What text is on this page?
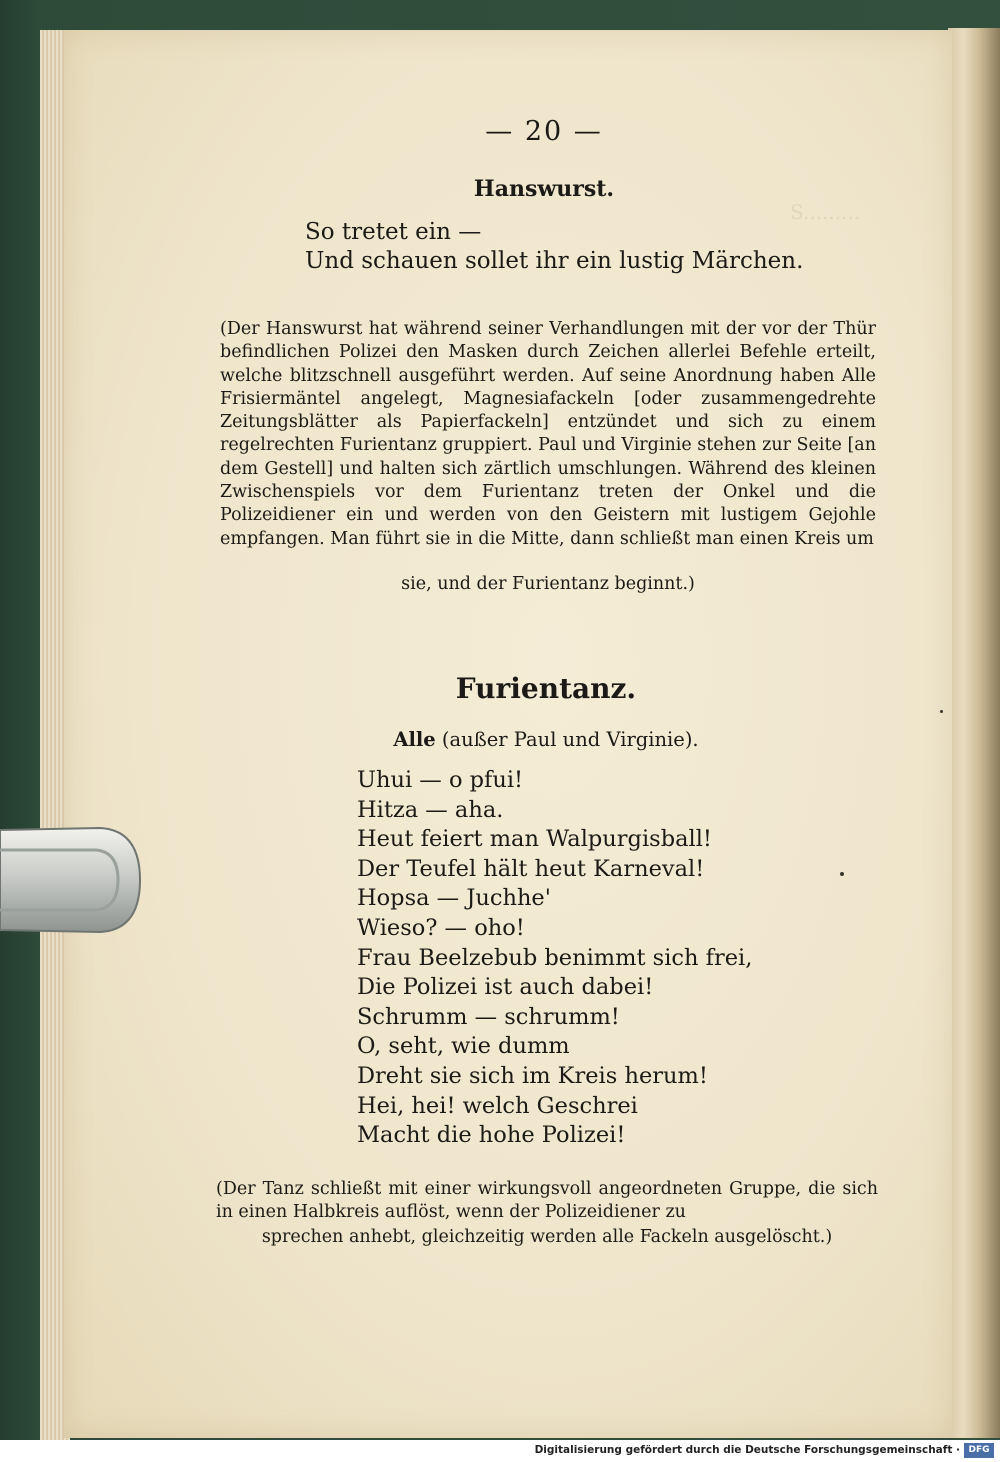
S.........
— 20 —
Hanswurst.
So tretet ein —
Und schauen sollet ihr ein lustig Märchen.
(Der Hanswurst hat während seiner Verhandlungen mit der vor der Thür befindlichen Polizei den Masken durch Zeichen allerlei Befehle erteilt, welche blitzschnell ausgeführt werden. Auf seine Anordnung haben Alle Frisiermäntel angelegt, Magnesiafackeln [oder zusammengedrehte Zeitungsblätter als Papierfackeln] entzündet und sich zu einem regelrechten Furientanz gruppiert. Paul und Virginie stehen zur Seite [an dem Gestell] und halten sich zärtlich umschlungen. Während des kleinen Zwischenspiels vor dem Furientanz treten der Onkel und die Polizeidiener ein und werden von den Geistern mit lustigem Gejohle empfangen. Man führt sie in die Mitte, dann schließt man einen Kreis um
sie, und der Furientanz beginnt.)
Furientanz.
Alle (außer Paul und Virginie).
Uhui — o pfui!
Hitza — aha.
Heut feiert man Walpurgisball!
Der Teufel hält heut Karneval!
Hopsa — Juchhe'
Wieso? — oho!
Frau Beelzebub benimmt sich frei,
Die Polizei ist auch dabei!
Schrumm — schrumm!
O, seht, wie dumm
Dreht sie sich im Kreis herum!
Hei, hei! welch Geschrei
Macht die hohe Polizei!
(Der Tanz schließt mit einer wirkungsvoll angeordneten Gruppe, die sich in einen Halbkreis auflöst, wenn der Polizeidiener zu
sprechen anhebt, gleichzeitig werden alle Fackeln ausgelöscht.)
Digitalisierung gefördert durch die Deutsche Forschungsgemeinschaft · DFG
